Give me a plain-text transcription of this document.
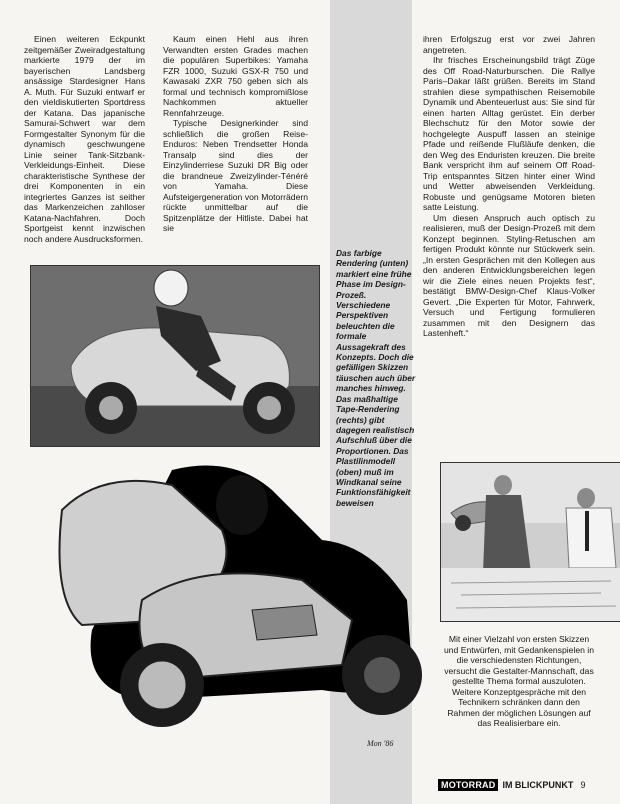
Einen weiteren Eckpunkt zeitgemäßer Zweiradgestaltung markierte 1979 der im bayerischen Landsberg ansässige Stardesigner Hans A. Muth. Für Suzuki entwarf er den vieldiskutierten Sportdress der Katana. Das japanische Samurai-Schwert war dem Formgestalter Synonym für die dynamisch geschwungene Linie seiner Tank-Sitzbank-Verkleidungs-Einheit. Diese charakteristische Synthese der drei Komponenten in ein integriertes Ganzes ist seither das Markenzeichen zahlloser Katana-Nachfahren. Doch Sportgeist kennt inzwischen noch andere Ausdrucksformen.

Kaum einen Hehl aus ihren Verwandten ersten Grades machen die populären Superbikes: Yamaha FZR 1000, Suzuki GSX-R 750 und Kawasaki ZXR 750 geben sich als formal und technisch kompromißlose Nachkommen aktueller Rennfahrzeuge.

Typische Designerkinder sind schließlich die großen Reise-Enduros: Neben Trendsetter Honda Transalp sind dies der Einzylinderriese Suzuki DR Big oder die brandneue Zweizylinder-Ténéré von Yamaha. Diese Aufsteigergeneration von Motorrädern rückte unmittelbar auf die Spitzenplätze der Hitliste. Dabei hat sie

ihren Erfolgszug erst vor zwei Jahren angetreten.

Ihr frisches Erscheinungsbild trägt Züge des Off Road-Naturburschen. Die Rallye Paris–Dakar läßt grüßen. Bereits im Stand strahlen diese sympathischen Reisemobile Dynamik und Abenteuerlust aus: Sie sind für einen harten Alltag gerüstet. Ein derber Blechschutz für den Motor sowie der hochgelegte Auspuff lassen an steinige Pfade und reißende Flußläufe denken, die den Weg des Enduristen kreuzen. Die breite Bank verspricht ihm auf seinem Off Road-Trip entspanntes Sitzen hinter einer Wind und Wetter abweisenden Verkleidung. Robuste und genügsame Motoren bieten satte Leistung.

Um diesen Anspruch auch optisch zu realisieren, muß der Design-Prozeß mit dem Konzept beginnen. Styling-Retuschen am fertigen Produkt könnte nur Stückwerk sein. „In ersten Gesprächen mit den Kollegen aus den anderen Entwicklungsbereichen legen wir die Ziele eines neuen Projekts fest“, bestätigt BMW-Design-Chef Klaus-Volker Gevert. „Die Experten für Motor, Fahrwerk, Versuch und Fertigung formulieren zusammen mit den Designern das Lastenheft.“

Das farbige Rendering (unten) markiert eine frühe Phase im Design-Prozeß. Verschiedene Perspektiven beleuchten die formale Aussagekraft des Konzepts. Doch die gefälligen Skizzen täuschen auch über manches hinweg. Das maßhaltige Tape-Rendering (rechts) gibt dagegen realistisch Aufschluß über die Proportionen. Das Plastilinmodell (oben) muß im Windkanal seine Funktionsfähigkeit beweisen
Mon '86

Mit einer Vielzahl von ersten Skizzen und Entwürfen, mit Gedankenspielen in die verschiedensten Richtungen, versucht die Gestalter-Mannschaft, das gestellte Thema formal auszuloten. Weitere Konzeptgespräche mit den Technikern schränken dann den Rahmen der möglichen Lösungen auf das Realisierbare ein.

MOTORRAD IM BLICKPUNKT 9
